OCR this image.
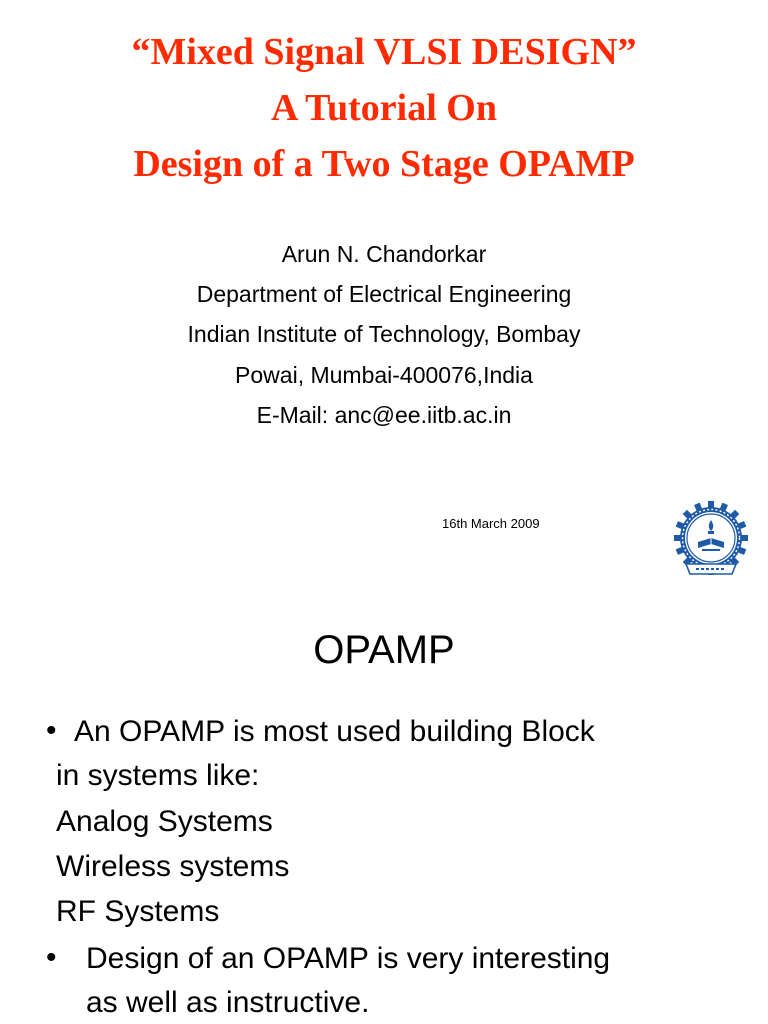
“Mixed Signal VLSI DESIGN”
A Tutorial On
Design of a Two Stage OPAMP
Arun N. Chandorkar
Department of Electrical Engineering
Indian Institute of Technology, Bombay
Powai, Mumbai-400076,India
E-Mail: anc@ee.iitb.ac.in
16th March 2009
OPAMP
• An OPAMP is most used building Block
in systems like:
Analog Systems
Wireless systems
RF Systems
• Design of an OPAMP is very interesting
as well as instructive.
